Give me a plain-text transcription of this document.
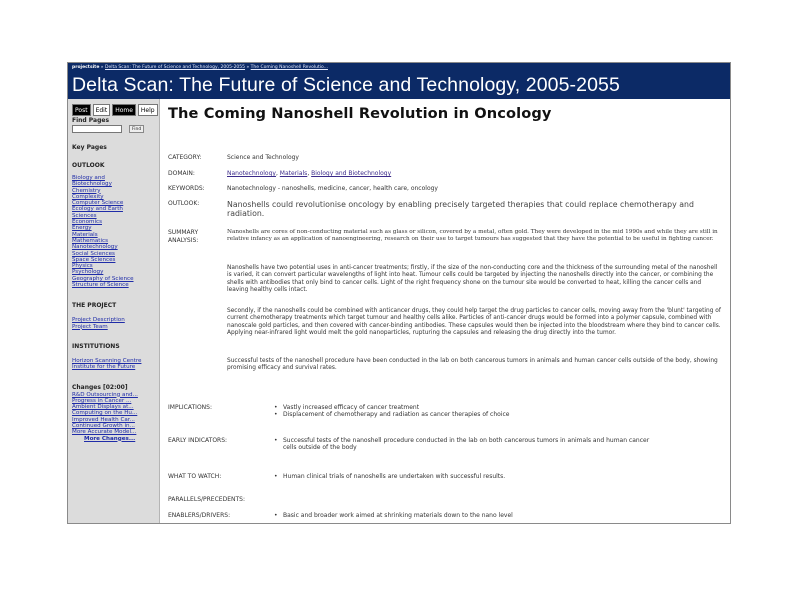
projectsite » Delta Scan: The Future of Science and Technology, 2005-2055 » The Coming Nanoshell Revolutio...
Delta Scan: The Future of Science and Technology, 2005-2055
Post	Edit	Home	Help
Find Pages
Find
Key Pages
OUTLOOK
Biology and
Biotechnology
Chemistry
Complexity
Computer Science
Ecology and Earth
Sciences
Economics
Energy
Materials
Mathematics
Nanotechnology
Social Sciences
Space Sciences
Physics
Psychology
Geography of Science
Structure of Science
THE PROJECT
Project Description
Project Team
INSTITUTIONS
Horizon Scanning Centre
Institute for the Future
Changes [02:00]
R&D Outsourcing and...
Progress in Cancer ...
Ambient Displays at...
Computing on the Hu...
Improved Health Car...
Continued Growth in...
More Accurate Model...
More Changes...
The Coming Nanoshell Revolution in Oncology
CATEGORY:	Science and Technology
DOMAIN:	Nanotechnology, Materials, Biology and Biotechnology
KEYWORDS:	Nanotechnology - nanoshells, medicine, cancer, health care, oncology
OUTLOOK:	Nanoshells could revolutionise oncology by enabling precisely targeted therapies that could replace chemotherapy and radiation.
SUMMARY
ANALYSIS:
Nanoshells are cores of non-conducting material such as glass or silicon, covered by a metal, often gold. They were developed in the mid 1990s and while they are still in relative infancy as an application of nanoengineering, research on their use to target tumours has suggested that they have the potential to be useful in fighting cancer.
Nanoshells have two potential uses in anti-cancer treatments; firstly, if the size of the non-conducting core and the thickness of the surrounding metal of the nanoshell is varied, it can convert particular wavelengths of light into heat. Tumour cells could be targeted by injecting the nanoshells directly into the cancer, or combining the shells with antibodies that only bind to cancer cells. Light of the right frequency shone on the tumour site would be converted to heat, killing the cancer cells and leaving healthy cells intact.
Secondly, if the nanoshells could be combined with anticancer drugs, they could help target the drug particles to cancer cells, moving away from the 'blunt' targeting of current chemotherapy treatments which target tumour and healthy cells alike. Particles of anti-cancer drugs would be formed into a polymer capsule, combined with nanoscale gold particles, and then covered with cancer-binding antibodies. These capsules would then be injected into the bloodstream where they bind to cancer cells. Applying near-infrared light would melt the gold nanoparticles, rupturing the capsules and releasing the drug directly into the tumor.
Successful tests of the nanoshell procedure have been conducted in the lab on both cancerous tumors in animals and human cancer cells outside of the body, showing promising efficacy and survival rates.
IMPLICATIONS:	• Vastly increased efficacy of cancer treatment
• Displacement of chemotherapy and radiation as cancer therapies of choice
EARLY INDICATORS:	• Successful tests of the nanoshell procedure conducted in the lab on both cancerous tumors in animals and human cancer cells outside of the body
WHAT TO WATCH:	• Human clinical trials of nanoshells are undertaken with successful results.
PARALLELS/PRECEDENTS:
ENABLERS/DRIVERS:	• Basic and broader work aimed at shrinking materials down to the nano level
